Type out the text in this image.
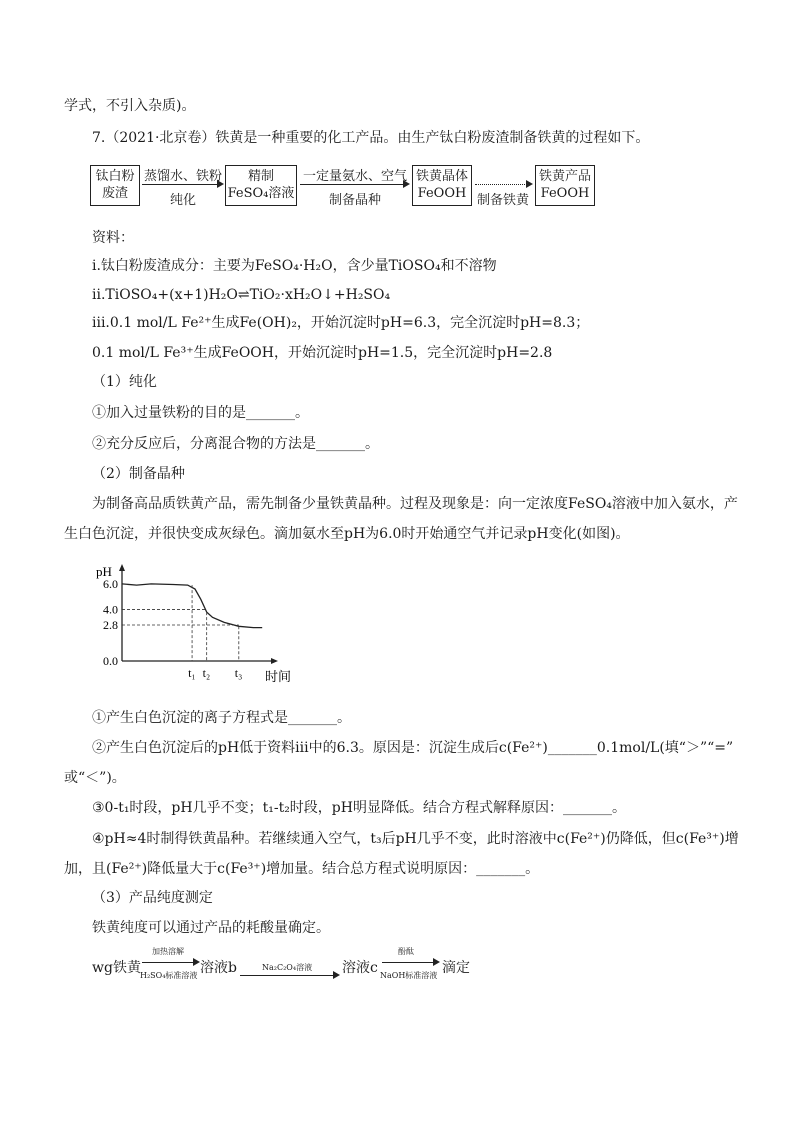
学式，不引入杂质)。
7.（2021·北京卷）铁黄是一种重要的化工产品。由生产钛白粉废渣制备铁黄的过程如下。
钛白粉
废渣
蒸馏水、铁粉
纯化
精制
FeSO₄溶液
一定量氨水、空气
制备晶种
铁黄晶体
FeOOH 制备铁黄
铁黄产品
FeOOH
资料：
i.钛白粉废渣成分：主要为FeSO₄·H₂O，含少量TiOSO₄和不溶物
ii.TiOSO₄+(x+1)H₂O⇌TiO₂·xH₂O↓+H₂SO₄
iii.0.1 mol/L Fe²⁺生成Fe(OH)₂，开始沉淀时pH=6.3，完全沉淀时pH=8.3；
0.1 mol/L Fe³⁺生成FeOOH，开始沉淀时pH=1.5，完全沉淀时pH=2.8
（1）纯化
①加入过量铁粉的目的是_______。
②充分反应后，分离混合物的方法是_______。
（2）制备晶种
为制备高品质铁黄产品，需先制备少量铁黄晶种。过程及现象是：向一定浓度FeSO₄溶液中加入氨水，产
生白色沉淀，并很快变成灰绿色。滴加氨水至pH为6.0时开始通空气并记录pH变化(如图)。
pH
6.0
4.0
2.8
0.0
t₁ t₂ t₃ 时间
①产生白色沉淀的离子方程式是_______。
②产生白色沉淀后的pH低于资料iii中的6.3。原因是：沉淀生成后c(Fe²⁺)_______0.1mol/L(填“＞”“=”
或“＜”)。
③0-t₁时段，pH几乎不变；t₁-t₂时段，pH明显降低。结合方程式解释原因：_______。
④pH≈4时制得铁黄晶种。若继续通入空气，t₃后pH几乎不变，此时溶液中c(Fe²⁺)仍降低，但c(Fe³⁺)增
加，且(Fe²⁺)降低量大于c(Fe³⁺)增加量。结合总方程式说明原因：_______。
（3）产品纯度测定
铁黄纯度可以通过产品的耗酸量确定。
wg铁黄
加热溶解
H₂SO₄标准溶液 溶液b	Na₂C₂O₄溶液 溶液c
酚酞
NaOH标准溶液 滴定
